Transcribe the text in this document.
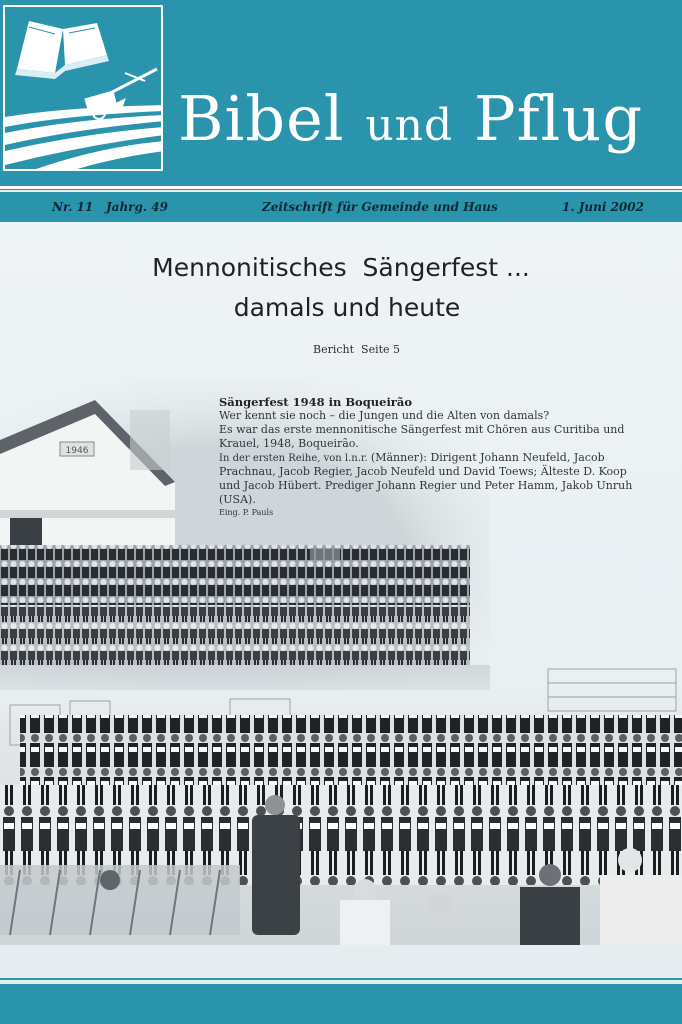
Bibel und Pflug
Nr. 11 Jahrg. 49	Zeitschrift für Gemeinde und Haus	1. Juni 2002
Mennonitisches  Sängerfest ...
damals und heute
Bericht  Seite 5
1946
Sängerfest 1948 in Boqueirão
Wer kennt sie noch – die Jungen und die Alten von damals?
Es war das erste mennonitische Sängerfest mit Chören aus Curitiba und Krauel, 1948, Boqueirão.
In der ersten Reihe, von l.n.r. (Männer): Dirigent Johann Neufeld, Jacob Prachnau, Jacob Regier, Jacob Neufeld und David Toews; Älteste D. Koop und Jacob Hübert. Prediger Johann Regier und Peter Hamm, Jakob Unruh (USA).
Eing. P. Pauls
